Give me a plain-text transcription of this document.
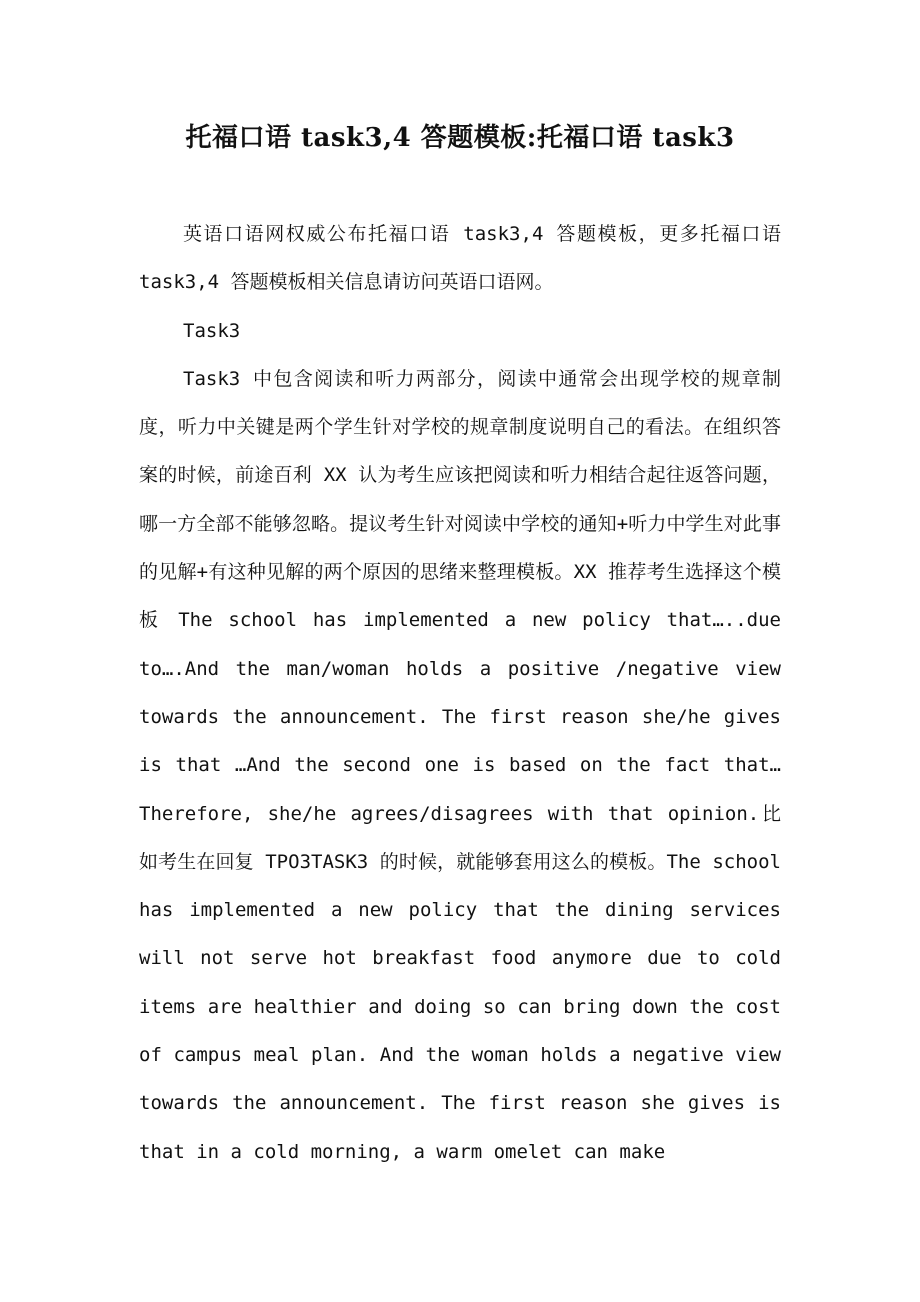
托福口语 task3,4 答题模板:托福口语 task3

英语口语网权威公布托福口语 task3,4 答题模板，更多托福口语 task3,4 答题模板相关信息请访问英语口语网。

Task3

Task3 中包含阅读和听力两部分，阅读中通常会出现学校的规章制度，听力中关键是两个学生针对学校的规章制度说明自己的看法。在组织答案的时候，前途百利 XX 认为考生应该把阅读和听力相结合起往返答问题，哪一方全部不能够忽略。提议考生针对阅读中学校的通知+听力中学生对此事的见解+有这种见解的两个原因的思绪来整理模板。XX 推荐考生选择这个模板 The school has implemented a new policy that…..due to….And the man/woman holds a positive /negative view towards the announcement. The first reason she/he gives is that …And the second one is based on the fact that…Therefore, she/he agrees/disagrees with that opinion.比如考生在回复 TPO3TASK3 的时候，就能够套用这么的模板。The school has implemented a new policy that the dining services will not serve hot breakfast food anymore due to cold items are healthier and doing so can bring down the cost of campus meal plan. And the woman holds a negative view towards the announcement. The first reason she gives is that in a cold morning, a warm omelet can make
